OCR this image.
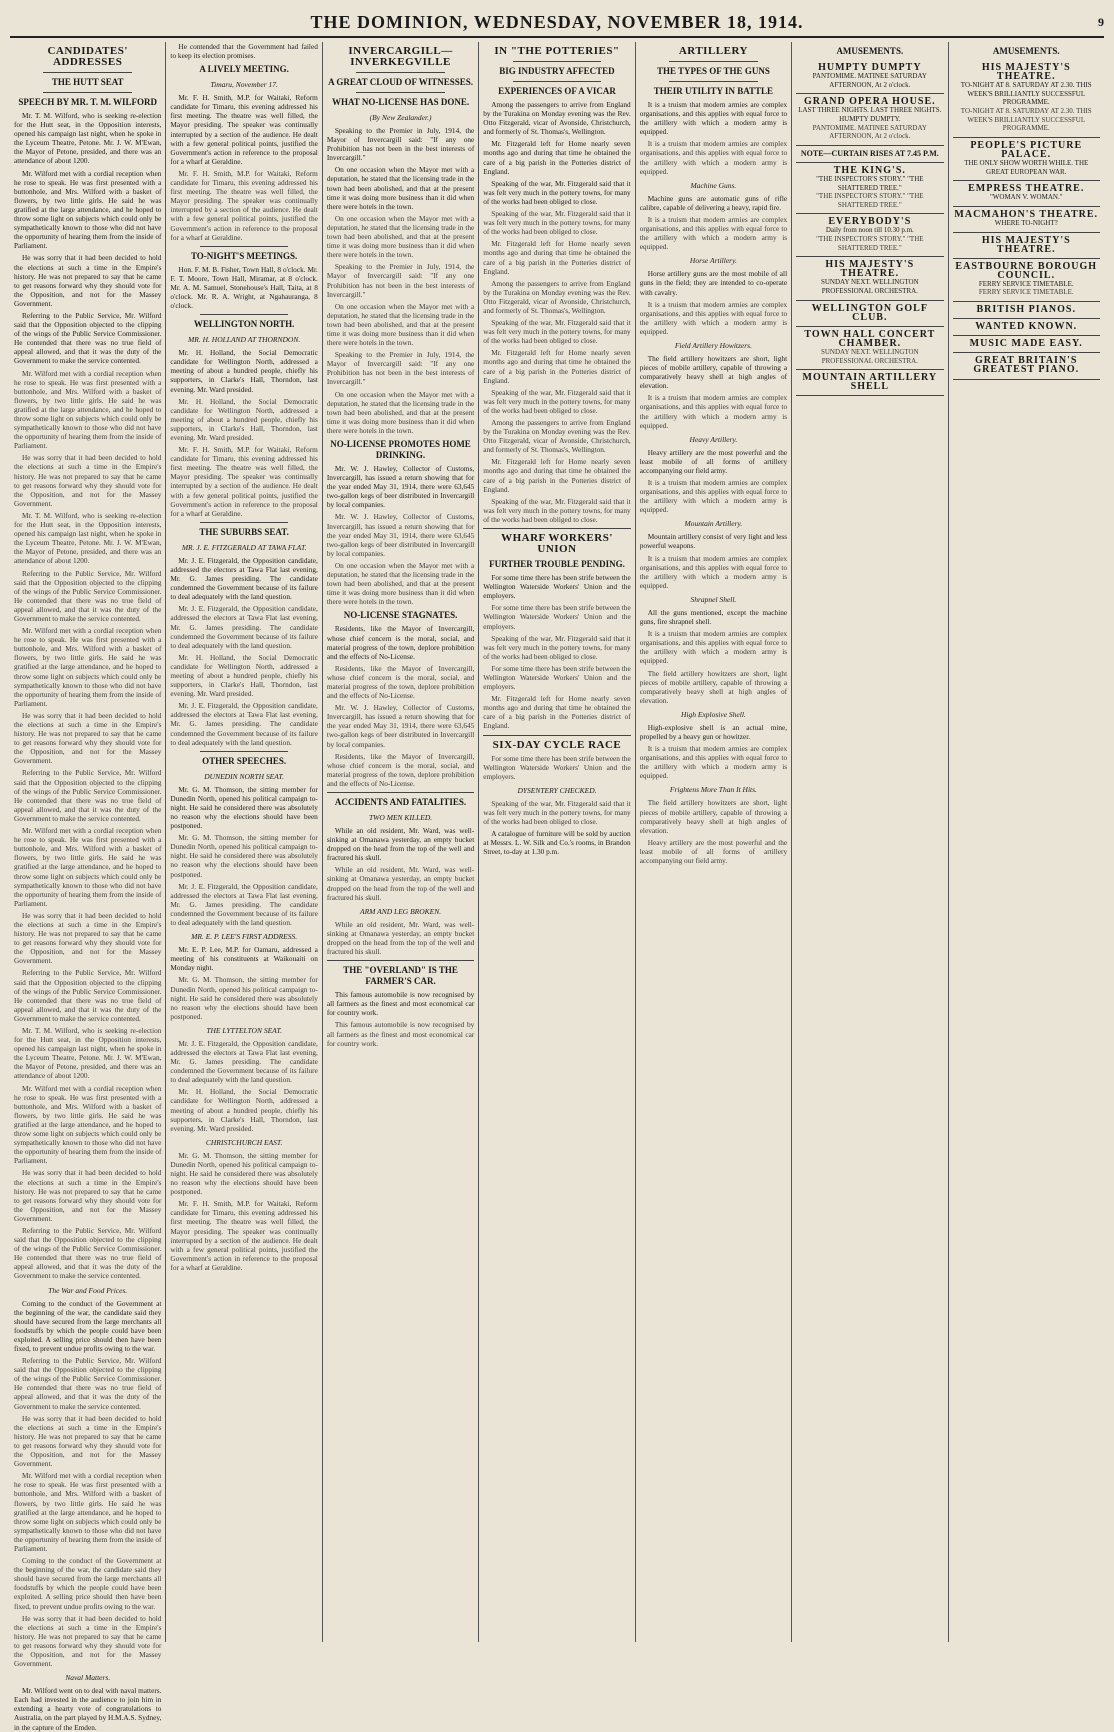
THE DOMINION, WEDNESDAY, NOVEMBER 18, 1914.	9
CANDIDATES' ADDRESSES
THE HUTT SEAT
SPEECH BY MR. T. M. WILFORD

Mr. T. M. Wilford, who is seeking re-election for the Hutt seat, in the Opposition interests, opened his campaign last night, when he spoke in the Lyceum Theatre, Petone. Mr. J. W. M'Ewan, the Mayor of Petone, presided, and there was an attendance of about 1200.

Mr. Wilford met with a cordial reception when he rose to speak. He was first presented with a buttonhole, and Mrs. Wilford with a basket of flowers, by two little girls. He said he was gratified at the large attendance, and he hoped to throw some light on subjects which could only be sympathetically known to those who did not have the opportunity of hearing them from the inside of Parliament.

He was sorry that it had been decided to hold the elections at such a time in the Empire's history. He was not prepared to say that he came to get reasons forward why they should vote for the Opposition, and not for the Massey Government.

Referring to the Public Service, Mr. Wilford said that the Opposition objected to the clipping of the wings of the Public Service Commissioner. He contended that there was no true field of appeal allowed, and that it was the duty of the Government to make the service contented.

Mr. Wilford met with a cordial reception when he rose to speak. He was first presented with a buttonhole, and Mrs. Wilford with a basket of flowers, by two little girls. He said he was gratified at the large attendance, and he hoped to throw some light on subjects which could only be sympathetically known to those who did not have the opportunity of hearing them from the inside of Parliament.

He was sorry that it had been decided to hold the elections at such a time in the Empire's history. He was not prepared to say that he came to get reasons forward why they should vote for the Opposition, and not for the Massey Government.

Mr. T. M. Wilford, who is seeking re-election for the Hutt seat, in the Opposition interests, opened his campaign last night, when he spoke in the Lyceum Theatre, Petone. Mr. J. W. M'Ewan, the Mayor of Petone, presided, and there was an attendance of about 1200.

Referring to the Public Service, Mr. Wilford said that the Opposition objected to the clipping of the wings of the Public Service Commissioner. He contended that there was no true field of appeal allowed, and that it was the duty of the Government to make the service contented.

Mr. Wilford met with a cordial reception when he rose to speak. He was first presented with a buttonhole, and Mrs. Wilford with a basket of flowers, by two little girls. He said he was gratified at the large attendance, and he hoped to throw some light on subjects which could only be sympathetically known to those who did not have the opportunity of hearing them from the inside of Parliament.

He was sorry that it had been decided to hold the elections at such a time in the Empire's history. He was not prepared to say that he came to get reasons forward why they should vote for the Opposition, and not for the Massey Government.

Referring to the Public Service, Mr. Wilford said that the Opposition objected to the clipping of the wings of the Public Service Commissioner. He contended that there was no true field of appeal allowed, and that it was the duty of the Government to make the service contented.

Mr. Wilford met with a cordial reception when he rose to speak. He was first presented with a buttonhole, and Mrs. Wilford with a basket of flowers, by two little girls. He said he was gratified at the large attendance, and he hoped to throw some light on subjects which could only be sympathetically known to those who did not have the opportunity of hearing them from the inside of Parliament.

He was sorry that it had been decided to hold the elections at such a time in the Empire's history. He was not prepared to say that he came to get reasons forward why they should vote for the Opposition, and not for the Massey Government.

Referring to the Public Service, Mr. Wilford said that the Opposition objected to the clipping of the wings of the Public Service Commissioner. He contended that there was no true field of appeal allowed, and that it was the duty of the Government to make the service contented.

Mr. T. M. Wilford, who is seeking re-election for the Hutt seat, in the Opposition interests, opened his campaign last night, when he spoke in the Lyceum Theatre, Petone. Mr. J. W. M'Ewan, the Mayor of Petone, presided, and there was an attendance of about 1200.

Mr. Wilford met with a cordial reception when he rose to speak. He was first presented with a buttonhole, and Mrs. Wilford with a basket of flowers, by two little girls. He said he was gratified at the large attendance, and he hoped to throw some light on subjects which could only be sympathetically known to those who did not have the opportunity of hearing them from the inside of Parliament.

He was sorry that it had been decided to hold the elections at such a time in the Empire's history. He was not prepared to say that he came to get reasons forward why they should vote for the Opposition, and not for the Massey Government.

Referring to the Public Service, Mr. Wilford said that the Opposition objected to the clipping of the wings of the Public Service Commissioner. He contended that there was no true field of appeal allowed, and that it was the duty of the Government to make the service contented.

The War and Food Prices.

Coming to the conduct of the Government at the beginning of the war, the candidate said they should have secured from the large merchants all foodstuffs by which the people could have been exploited. A selling price should then have been fixed, to prevent undue profits owing to the war.

Referring to the Public Service, Mr. Wilford said that the Opposition objected to the clipping of the wings of the Public Service Commissioner. He contended that there was no true field of appeal allowed, and that it was the duty of the Government to make the service contented.

He was sorry that it had been decided to hold the elections at such a time in the Empire's history. He was not prepared to say that he came to get reasons forward why they should vote for the Opposition, and not for the Massey Government.

Mr. Wilford met with a cordial reception when he rose to speak. He was first presented with a buttonhole, and Mrs. Wilford with a basket of flowers, by two little girls. He said he was gratified at the large attendance, and he hoped to throw some light on subjects which could only be sympathetically known to those who did not have the opportunity of hearing them from the inside of Parliament.

Coming to the conduct of the Government at the beginning of the war, the candidate said they should have secured from the large merchants all foodstuffs by which the people could have been exploited. A selling price should then have been fixed, to prevent undue profits owing to the war.

He was sorry that it had been decided to hold the elections at such a time in the Empire's history. He was not prepared to say that he came to get reasons forward why they should vote for the Opposition, and not for the Massey Government.

Naval Matters.

Mr. Wilford went on to deal with naval matters. Each had invested in the audience to join him in extending a hearty vote of congratulations to Australia, on the part played by H.M.A.S. Sydney, in the capture of the Emden.

He contended that the Government had failed to keep its election promises.

A LIVELY MEETING.
Timaru, November 17.

Mr. F. H. Smith, M.P. for Waitaki, Reform candidate for Timaru, this evening addressed his first meeting. The theatre was well filled, the Mayor presiding. The speaker was continually interrupted by a section of the audience. He dealt with a few general political points, justified the Government's action in reference to the proposal for a wharf at Geraldine.

Mr. F. H. Smith, M.P. for Waitaki, Reform candidate for Timaru, this evening addressed his first meeting. The theatre was well filled, the Mayor presiding. The speaker was continually interrupted by a section of the audience. He dealt with a few general political points, justified the Government's action in reference to the proposal for a wharf at Geraldine.

TO-NIGHT'S MEETINGS.

Hon. F. M. B. Fisher, Town Hall, 8 o'clock. Mr. F. T. Moore, Town Hall, Miramar, at 8 o'clock. Mr. A. M. Samuel, Stonehouse's Hall, Taita, at 8 o'clock. Mr. R. A. Wright, at Ngahauranga, 8 o'clock.

WELLINGTON NORTH.
MR. H. HOLLAND AT THORNDON.

Mr. H. Holland, the Social Democratic candidate for Wellington North, addressed a meeting of about a hundred people, chiefly his supporters, in Clarke's Hall, Thorndon, last evening. Mr. Ward presided.

Mr. H. Holland, the Social Democratic candidate for Wellington North, addressed a meeting of about a hundred people, chiefly his supporters, in Clarke's Hall, Thorndon, last evening. Mr. Ward presided.

Mr. F. H. Smith, M.P. for Waitaki, Reform candidate for Timaru, this evening addressed his first meeting. The theatre was well filled, the Mayor presiding. The speaker was continually interrupted by a section of the audience. He dealt with a few general political points, justified the Government's action in reference to the proposal for a wharf at Geraldine.

THE SUBURBS SEAT.
MR. J. E. FITZGERALD AT TAWA FLAT.

Mr. J. E. Fitzgerald, the Opposition candidate, addressed the electors at Tawa Flat last evening, Mr. G. James presiding. The candidate condemned the Government because of its failure to deal adequately with the land question.

Mr. J. E. Fitzgerald, the Opposition candidate, addressed the electors at Tawa Flat last evening, Mr. G. James presiding. The candidate condemned the Government because of its failure to deal adequately with the land question.

Mr. H. Holland, the Social Democratic candidate for Wellington North, addressed a meeting of about a hundred people, chiefly his supporters, in Clarke's Hall, Thorndon, last evening. Mr. Ward presided.

Mr. J. E. Fitzgerald, the Opposition candidate, addressed the electors at Tawa Flat last evening, Mr. G. James presiding. The candidate condemned the Government because of its failure to deal adequately with the land question.

OTHER SPEECHES.
DUNEDIN NORTH SEAT.

Mr. G. M. Thomson, the sitting member for Dunedin North, opened his political campaign to-night. He said he considered there was absolutely no reason why the elections should have been postponed.

Mr. G. M. Thomson, the sitting member for Dunedin North, opened his political campaign to-night. He said he considered there was absolutely no reason why the elections should have been postponed.

Mr. J. E. Fitzgerald, the Opposition candidate, addressed the electors at Tawa Flat last evening, Mr. G. James presiding. The candidate condemned the Government because of its failure to deal adequately with the land question.

MR. E. P. LEE'S FIRST ADDRESS.

Mr. E. P. Lee, M.P. for Oamaru, addressed a meeting of his constituents at Waikouaiti on Monday night.

Mr. G. M. Thomson, the sitting member for Dunedin North, opened his political campaign to-night. He said he considered there was absolutely no reason why the elections should have been postponed.

THE LYTTELTON SEAT.

Mr. J. E. Fitzgerald, the Opposition candidate, addressed the electors at Tawa Flat last evening, Mr. G. James presiding. The candidate condemned the Government because of its failure to deal adequately with the land question.

Mr. H. Holland, the Social Democratic candidate for Wellington North, addressed a meeting of about a hundred people, chiefly his supporters, in Clarke's Hall, Thorndon, last evening. Mr. Ward presided.

CHRISTCHURCH EAST.

Mr. G. M. Thomson, the sitting member for Dunedin North, opened his political campaign to-night. He said he considered there was absolutely no reason why the elections should have been postponed.

Mr. F. H. Smith, M.P. for Waitaki, Reform candidate for Timaru, this evening addressed his first meeting. The theatre was well filled, the Mayor presiding. The speaker was continually interrupted by a section of the audience. He dealt with a few general political points, justified the Government's action in reference to the proposal for a wharf at Geraldine.

INVERCARGILL—INVERKEGVILLE
A GREAT CLOUD OF WITNESSES.
WHAT NO-LICENSE HAS DONE.
(By New Zealander.)

Speaking to the Premier in July, 1914, the Mayor of Invercargill said: "If any one Prohibition has not been in the best interests of Invercargill."

On one occasion when the Mayor met with a deputation, he stated that the licensing trade in the town had been abolished, and that at the present time it was doing more business than it did when there were hotels in the town.

On one occasion when the Mayor met with a deputation, he stated that the licensing trade in the town had been abolished, and that at the present time it was doing more business than it did when there were hotels in the town.

Speaking to the Premier in July, 1914, the Mayor of Invercargill said: "If any one Prohibition has not been in the best interests of Invercargill."

On one occasion when the Mayor met with a deputation, he stated that the licensing trade in the town had been abolished, and that at the present time it was doing more business than it did when there were hotels in the town.

Speaking to the Premier in July, 1914, the Mayor of Invercargill said: "If any one Prohibition has not been in the best interests of Invercargill."

On one occasion when the Mayor met with a deputation, he stated that the licensing trade in the town had been abolished, and that at the present time it was doing more business than it did when there were hotels in the town.

NO-LICENSE PROMOTES HOME DRINKING.

Mr. W. J. Hawley, Collector of Customs, Invercargill, has issued a return showing that for the year ended May 31, 1914, there were 63,645 two-gallon kegs of beer distributed in Invercargill by local companies.

Mr. W. J. Hawley, Collector of Customs, Invercargill, has issued a return showing that for the year ended May 31, 1914, there were 63,645 two-gallon kegs of beer distributed in Invercargill by local companies.

On one occasion when the Mayor met with a deputation, he stated that the licensing trade in the town had been abolished, and that at the present time it was doing more business than it did when there were hotels in the town.

NO-LICENSE STAGNATES.

Residents, like the Mayor of Invercargill, whose chief concern is the moral, social, and material progress of the town, deplore prohibition and the effects of No-License.

Residents, like the Mayor of Invercargill, whose chief concern is the moral, social, and material progress of the town, deplore prohibition and the effects of No-License.

Mr. W. J. Hawley, Collector of Customs, Invercargill, has issued a return showing that for the year ended May 31, 1914, there were 63,645 two-gallon kegs of beer distributed in Invercargill by local companies.

Residents, like the Mayor of Invercargill, whose chief concern is the moral, social, and material progress of the town, deplore prohibition and the effects of No-License.

ACCIDENTS AND FATALITIES.
TWO MEN KILLED.

While an old resident, Mr. Ward, was well-sinking at Omanawa yesterday, an empty bucket dropped on the head from the top of the well and fractured his skull.

While an old resident, Mr. Ward, was well-sinking at Omanawa yesterday, an empty bucket dropped on the head from the top of the well and fractured his skull.

ARM AND LEG BROKEN.

While an old resident, Mr. Ward, was well-sinking at Omanawa yesterday, an empty bucket dropped on the head from the top of the well and fractured his skull.

THE "OVERLAND" IS THE FARMER'S CAR.

This famous automobile is now recognised by all farmers as the finest and most economical car for country work.

This famous automobile is now recognised by all farmers as the finest and most economical car for country work.

IN "THE POTTERIES"
BIG INDUSTRY AFFECTED
EXPERIENCES OF A VICAR

Among the passengers to arrive from England by the Turakina on Monday evening was the Rev. Otto Fitzgerald, vicar of Avonside, Christchurch, and formerly of St. Thomas's, Wellington.

Mr. Fitzgerald left for Home nearly seven months ago and during that time he obtained the care of a big parish in the Potteries district of England.

Speaking of the war, Mr. Fitzgerald said that it was felt very much in the pottery towns, for many of the works had been obliged to close.

Speaking of the war, Mr. Fitzgerald said that it was felt very much in the pottery towns, for many of the works had been obliged to close.

Mr. Fitzgerald left for Home nearly seven months ago and during that time he obtained the care of a big parish in the Potteries district of England.

Among the passengers to arrive from England by the Turakina on Monday evening was the Rev. Otto Fitzgerald, vicar of Avonside, Christchurch, and formerly of St. Thomas's, Wellington.

Speaking of the war, Mr. Fitzgerald said that it was felt very much in the pottery towns, for many of the works had been obliged to close.

Mr. Fitzgerald left for Home nearly seven months ago and during that time he obtained the care of a big parish in the Potteries district of England.

Speaking of the war, Mr. Fitzgerald said that it was felt very much in the pottery towns, for many of the works had been obliged to close.

Among the passengers to arrive from England by the Turakina on Monday evening was the Rev. Otto Fitzgerald, vicar of Avonside, Christchurch, and formerly of St. Thomas's, Wellington.

Mr. Fitzgerald left for Home nearly seven months ago and during that time he obtained the care of a big parish in the Potteries district of England.

Speaking of the war, Mr. Fitzgerald said that it was felt very much in the pottery towns, for many of the works had been obliged to close.

WHARF WORKERS' UNION
FURTHER TROUBLE PENDING.

For some time there has been strife between the Wellington Waterside Workers' Union and the employers.

For some time there has been strife between the Wellington Waterside Workers' Union and the employers.

Speaking of the war, Mr. Fitzgerald said that it was felt very much in the pottery towns, for many of the works had been obliged to close.

For some time there has been strife between the Wellington Waterside Workers' Union and the employers.

Mr. Fitzgerald left for Home nearly seven months ago and during that time he obtained the care of a big parish in the Potteries district of England.

SIX-DAY CYCLE RACE

For some time there has been strife between the Wellington Waterside Workers' Union and the employers.

DYSENTERY CHECKED.

Speaking of the war, Mr. Fitzgerald said that it was felt very much in the pottery towns, for many of the works had been obliged to close.

A catalogue of furniture will be sold by auction at Messrs. L. W. Silk and Co.'s rooms, in Brandon Street, to-day at 1.30 p.m.

ARTILLERY
THE TYPES OF THE GUNS
THEIR UTILITY IN BATTLE

It is a truism that modern armies are complex organisations, and this applies with equal force to the artillery with which a modern army is equipped.

It is a truism that modern armies are complex organisations, and this applies with equal force to the artillery with which a modern army is equipped.

Machine Guns.

Machine guns are automatic guns of rifle calibre, capable of delivering a heavy, rapid fire.

It is a truism that modern armies are complex organisations, and this applies with equal force to the artillery with which a modern army is equipped.

Horse Artillery.

Horse artillery guns are the most mobile of all guns in the field; they are intended to co-operate with cavalry.

It is a truism that modern armies are complex organisations, and this applies with equal force to the artillery with which a modern army is equipped.

Field Artillery Howitzers.

The field artillery howitzers are short, light pieces of mobile artillery, capable of throwing a comparatively heavy shell at high angles of elevation.

It is a truism that modern armies are complex organisations, and this applies with equal force to the artillery with which a modern army is equipped.

Heavy Artillery.

Heavy artillery are the most powerful and the least mobile of all forms of artillery accompanying our field army.

It is a truism that modern armies are complex organisations, and this applies with equal force to the artillery with which a modern army is equipped.

Mountain Artillery.

Mountain artillery consist of very light and less powerful weapons.

It is a truism that modern armies are complex organisations, and this applies with equal force to the artillery with which a modern army is equipped.

Shrapnel Shell.

All the guns mentioned, except the machine guns, fire shrapnel shell.

It is a truism that modern armies are complex organisations, and this applies with equal force to the artillery with which a modern army is equipped.

The field artillery howitzers are short, light pieces of mobile artillery, capable of throwing a comparatively heavy shell at high angles of elevation.

High Explosive Shell.

High-explosive shell is an actual mine, propelled by a heavy gun or howitzer.

It is a truism that modern armies are complex organisations, and this applies with equal force to the artillery with which a modern army is equipped.

Frightens More Than It Hits.

The field artillery howitzers are short, light pieces of mobile artillery, capable of throwing a comparatively heavy shell at high angles of elevation.

Heavy artillery are the most powerful and the least mobile of all forms of artillery accompanying our field army.

AMUSEMENTS.
HUMPTY DUMPTY
PANTOMIME. MATINEE SATURDAY AFTERNOON, At 2 o'clock.
GRAND OPERA HOUSE.
LAST THREE NIGHTS. LAST THREE NIGHTS. HUMPTY DUMPTY.
PANTOMIME. MATINEE SATURDAY AFTERNOON, At 2 o'clock.
NOTE—CURTAIN RISES AT 7.45 P.M.
THE KING'S.
"THE INSPECTOR'S STORY." "THE SHATTERED TREE."
"THE INSPECTOR'S STORY." "THE SHATTERED TREE."
EVERYBODY'S
Daily from noon till 10.30 p.m.
"THE INSPECTOR'S STORY." "THE SHATTERED TREE."
HIS MAJESTY'S THEATRE.
SUNDAY NEXT. WELLINGTON PROFESSIONAL ORCHESTRA.
WELLINGTON GOLF CLUB.
TOWN HALL CONCERT CHAMBER.
SUNDAY NEXT. WELLINGTON PROFESSIONAL ORCHESTRA.
MOUNTAIN ARTILLERY SHELL
AMUSEMENTS.
HIS MAJESTY'S THEATRE.
TO-NIGHT AT 8. SATURDAY AT 2.30. THIS WEEK'S BRILLIANTLY SUCCESSFUL PROGRAMME.
TO-NIGHT AT 8. SATURDAY AT 2.30. THIS WEEK'S BRILLIANTLY SUCCESSFUL PROGRAMME.
PEOPLE'S PICTURE PALACE.
THE ONLY SHOW WORTH WHILE. THE GREAT EUROPEAN WAR.
EMPRESS THEATRE.
"WOMAN V. WOMAN."
MACMAHON'S THEATRE.
WHERE TO-NIGHT?
HIS MAJESTY'S THEATRE.
EASTBOURNE BOROUGH COUNCIL.
FERRY SERVICE TIMETABLE.
FERRY SERVICE TIMETABLE.
BRITISH PIANOS.
WANTED KNOWN.
MUSIC MADE EASY.
GREAT BRITAIN'S GREATEST PIANO.
